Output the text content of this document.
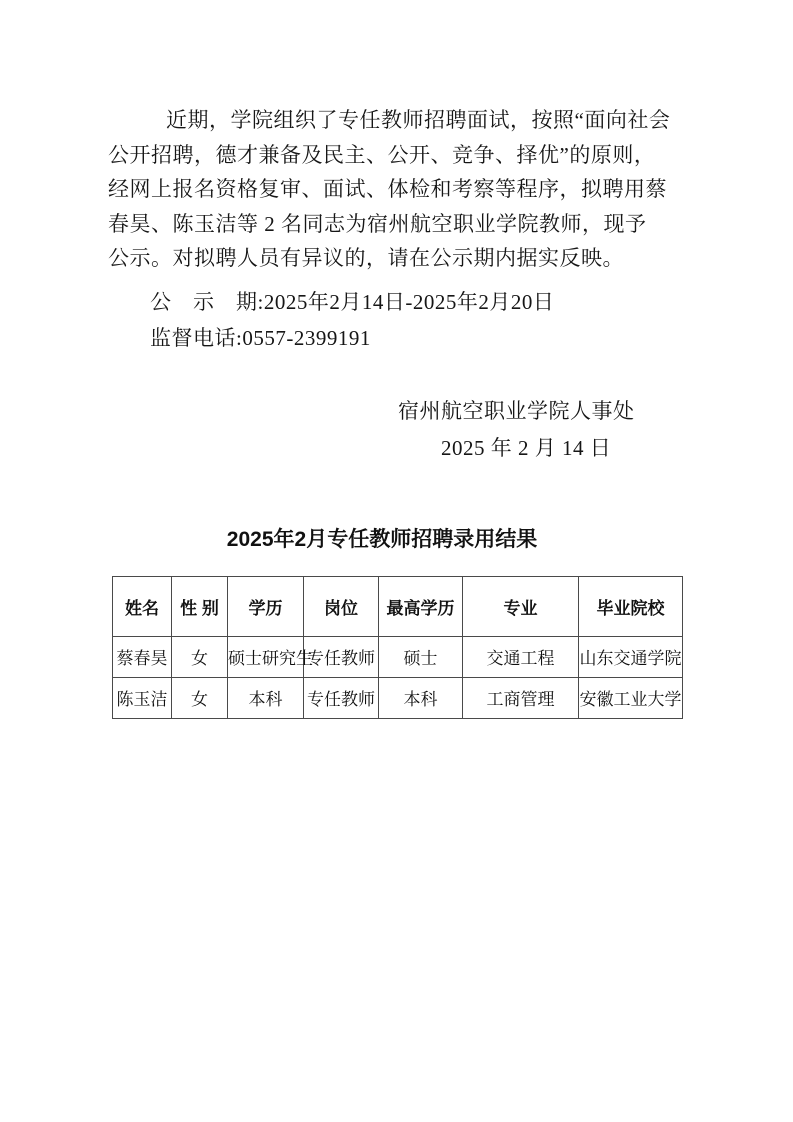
近期，学院组织了专任教师招聘面试，按照“面向社会
公开招聘，德才兼备及民主、公开、竞争、择优”的原则，
经网上报名资格复审、面试、体检和考察等程序，拟聘用蔡
春昊、陈玉洁等 2 名同志为宿州航空职业学院教师，现予
公示。对拟聘人员有异议的，请在公示期内据实反映。
公　示　期:2025年2月14日-2025年2月20日
监督电话:0557-2399191
宿州航空职业学院人事处
2025 年 2 月 14 日
2025年2月专任教师招聘录用结果
姓名	性 别	学历	岗位	最高学历	专业	毕业院校
蔡春昊	女	硕士研究生	专任教师	硕士	交通工程	山东交通学院
陈玉洁	女	本科	专任教师	本科	工商管理	安徽工业大学
